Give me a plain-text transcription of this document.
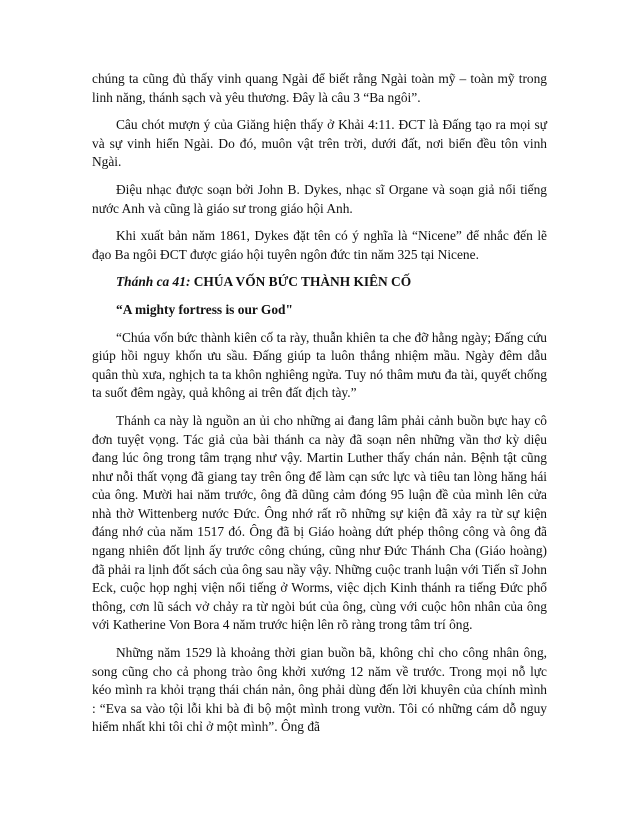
chúng ta cũng đủ thấy vinh quang Ngài để biết rằng Ngài toàn mỹ – toàn mỹ trong linh năng, thánh sạch và yêu thương. Đây là câu 3 “Ba ngôi”.

Câu chót mượn ý của Giăng hiện thấy ở Khải 4:11. ĐCT là Đấng tạo ra mọi sự và sự vinh hiển Ngài. Do đó, muôn vật trên trời, dưới đất, nơi biển đều tôn vinh Ngài.

Điệu nhạc được soạn bởi John B. Dykes, nhạc sĩ Organe và soạn giả nổi tiếng nước Anh và cũng là giáo sư trong giáo hội Anh.

Khi xuất bản năm 1861, Dykes đặt tên có ý nghĩa là “Nicene” để nhắc đến lẽ đạo Ba ngôi ĐCT được giáo hội tuyên ngôn đức tin năm 325 tại Nicene.

Thánh ca 41: CHÚA VỐN BỨC THÀNH KIÊN CỐ

“A mighty fortress is our God"

“Chúa vốn bức thành kiên cố ta rày, thuẫn khiên ta che đỡ hằng ngày; Đấng cứu giúp hồi nguy khốn ưu sầu. Đấng giúp ta luôn thắng nhiệm mầu. Ngày đêm dẫu quân thù xưa, nghịch ta ta khôn nghiêng ngửa. Tuy nó thâm mưu đa tài, quyết chống ta suốt đêm ngày, quả không ai trên đất địch tày.”

Thánh ca này là nguồn an ủi cho những ai đang lâm phải cảnh buồn bực hay cô đơn tuyệt vọng. Tác giả của bài thánh ca này đã soạn nên những vần thơ kỳ diệu đang lúc ông trong tâm trạng như vậy. Martin Luther thấy chán nản. Bệnh tật cũng như nỗi thất vọng đã giang tay trên ông để làm cạn sức lực và tiêu tan lòng hăng hái của ông. Mười hai năm trước, ông đã dũng cảm đóng 95 luận đề của mình lên cửa nhà thờ Wittenberg nước Đức. Ông nhớ rất rõ những sự kiện đã xảy ra từ sự kiện đáng nhớ của năm 1517 đó. Ông đã bị Giáo hoàng dứt phép thông công và ông đã ngang nhiên đốt lịnh ấy trước công chúng, cũng như Đức Thánh Cha (Giáo hoàng) đã phải ra lịnh đốt sách của ông sau nầy vậy. Những cuộc tranh luận với Tiến sĩ John Eck, cuộc họp nghị viện nổi tiếng ở Worms, việc dịch Kinh thánh ra tiếng Đức phổ thông, cơn lũ sách vở chảy ra từ ngòi bút của ông, cùng với cuộc hôn nhân của ông với Katherine Von Bora 4 năm trước hiện lên rõ ràng trong tâm trí ông.

Những năm 1529 là khoảng thời gian buồn bã, không chỉ cho công nhân ông, song cũng cho cả phong trào ông khởi xướng 12 năm về trước. Trong mọi nỗ lực kéo mình ra khỏi trạng thái chán nản, ông phải dùng đến lời khuyên của chính mình : “Eva sa vào tội lỗi khi bà đi bộ một mình trong vườn. Tôi có những cám dỗ nguy hiểm nhất khi tôi chỉ ở một mình”. Ông đã
